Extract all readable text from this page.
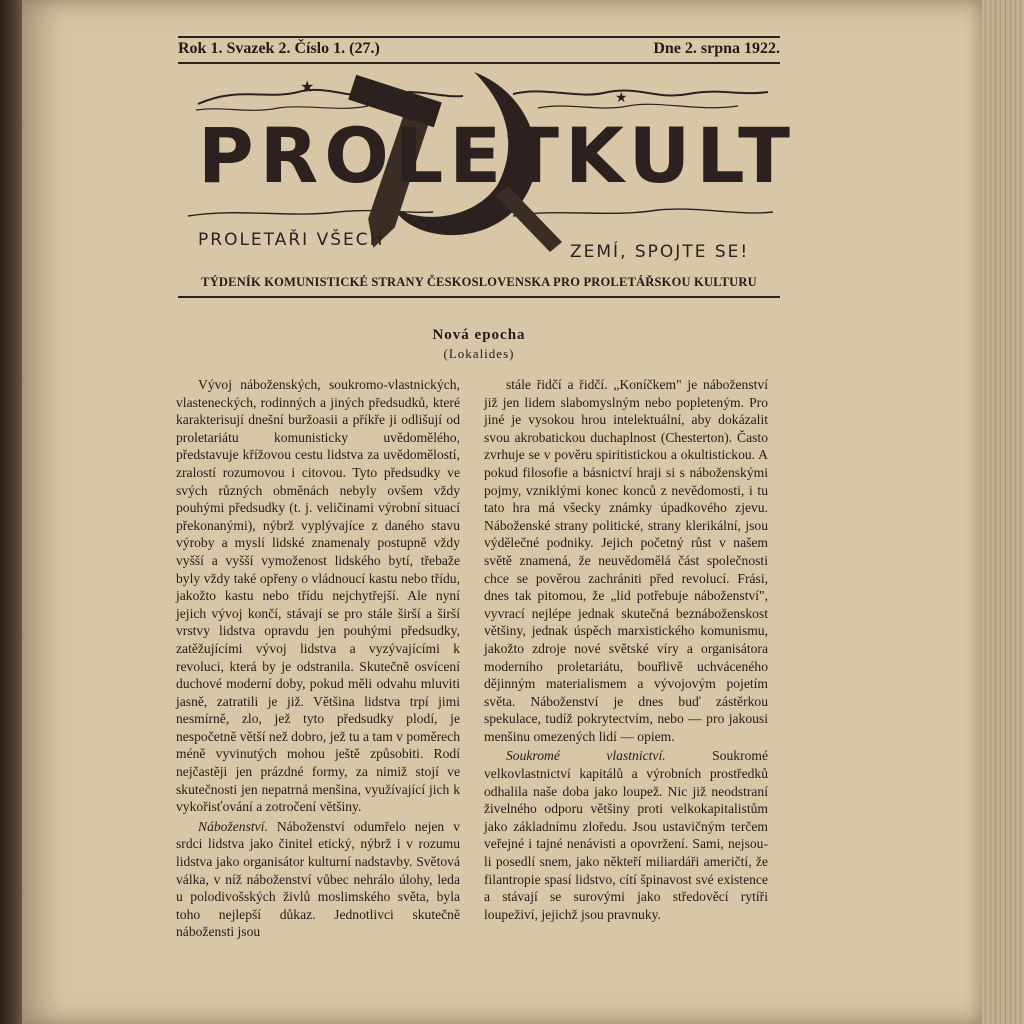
Rok 1. Svazek 2. Číslo 1. (27.)	Dne 2. srpna 1922.
★
★
PROLETKULT
PROLETAŘI VŠECH
ZEMÍ, SPOJTE SE!
TÝDENÍK KOMUNISTICKÉ STRANY ČESKOSLOVENSKA PRO PROLETÁŘSKOU KULTURU
Nová epocha
(Lokalides)

Vývoj náboženských, soukromo-vlastnických, vlasteneckých, rodinných a jiných předsudků, které karakterisují dnešní buržoasii a příkře ji odlišují od proletariátu komunisticky uvědomělého, představuje křížovou cestu lidstva za uvědomělostí, zralostí rozumovou i citovou. Tyto předsudky ve svých různých obměnách nebyly ovšem vždy pouhými předsudky (t. j. veličinami výrobní situací překonanými), nýbrž vyplývajíce z daného stavu výroby a myslí lidské znamenaly postupně vždy vyšší a vyšší vymoženost lidského bytí, třebaže byly vždy také opřeny o vládnoucí kastu nebo třídu, jakožto kastu nebo třídu nejchytřejší. Ale nyní jejich vývoj končí, stávají se pro stále širší a širší vrstvy lidstva opravdu jen pouhými předsudky, zatěžujícími vývoj lidstva a vyzývajícími k revoluci, která by je odstranila. Skutečně osvícení duchové moderní doby, pokud měli odvahu mluviti jasně, zatratili je již. Většina lidstva trpí jimi nesmírně, zlo, jež tyto předsudky plodí, je nespočetně větší než dobro, jež tu a tam v poměrech méně vyvinutých mohou ještě způsobiti. Rodí nejčastěji jen prázdné formy, za nimiž stojí ve skutečnosti jen nepatrná menšina, využívající jich k vykořisťování a zotročení většiny.

Náboženství. Náboženství odumřelo nejen v srdci lidstva jako činitel etický, nýbrž i v rozumu lidstva jako organisátor kulturní nadstavby. Světová válka, v níž náboženství vůbec nehrálo úlohy, leda u polodivošských živlů moslimského světa, byla toho nejlepší důkaz. Jednotlivci skutečně nábožensti jsou

stále řidčí a řidčí. „Koníčkem" je náboženství již jen lidem slabomyslným nebo popleteným. Pro jiné je vysokou hrou intelektuální, aby dokázalit svou akrobatickou duchaplnost (Chesterton). Často zvrhuje se v pověru spiritistickou a okultistickou. A pokud filosofie a básnictví hraji si s náboženskými pojmy, vzniklými konec konců z nevědomosti, i tu tato hra má všecky známky úpadkového zjevu. Náboženské strany politické, strany klerikální, jsou výdělečné podniky. Jejich početný růst v našem světě znamená, že neuvědomělá část společnosti chce se pověrou zachrániti před revolucí. Frási, dnes tak pitomou, že „lid potřebuje náboženství", vyvrací nejlépe jednak skutečná beznáboženskost většiny, jednak úspěch marxistického komunismu, jakožto zdroje nové světské víry a organisátora moderního proletariátu, bouřlivě uchváceného dějinným materialismem a vývojovým pojetím světa. Náboženství je dnes buď zástěrkou spekulace, tudíž pokrytectvím, nebo — pro jakousi menšinu omezených lidí — opiem.

Soukromé vlastnictví. Soukromé velkovlastnictví kapitálů a výrobních prostředků odhalila naše doba jako loupež. Nic již neodstraní živelného odporu většiny proti velkokapitalistům jako základnímu zloředu. Jsou ustavičným terčem veřejné i tajné nenávisti a opovržení. Sami, nejsou-li posedlí snem, jako někteří miliardáři američtí, že filantropie spasí lidstvo, cítí špinavost své existence a stávají se surovými jako středověcí rytíři loupeživí, jejichž jsou pravnuky.
